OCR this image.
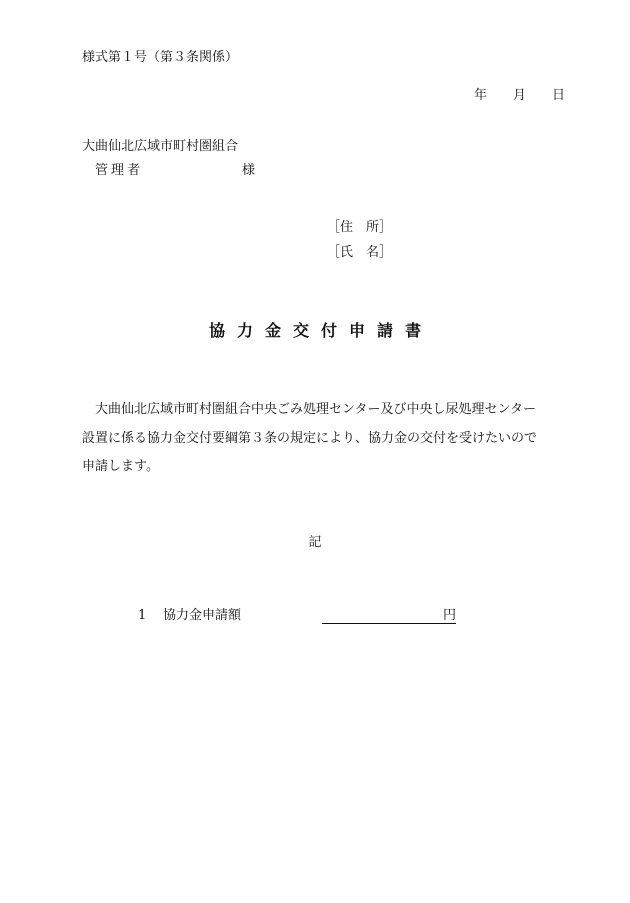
様式第１号（第３条関係）
年 月 日
大曲仙北広域市町村圏組合
管理者	様
［住　所］
［氏　名］
協力金交付申請書
大曲仙北広域市町村圏組合中央ごみ処理センター及び中央し尿処理センター設置に係る協力金交付要綱第３条の規定により、協力金の交付を受けたいので申請します。
記
1 協力金申請額	円
